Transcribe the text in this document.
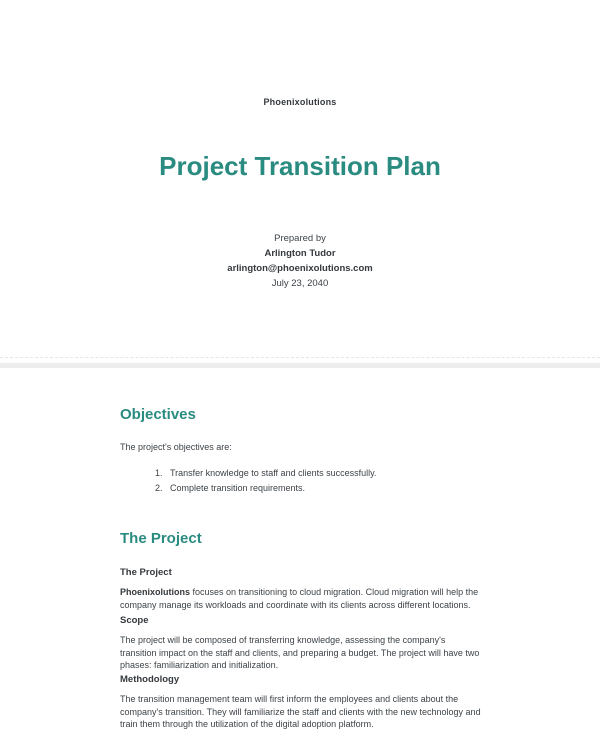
Phoenixolutions
Project Transition Plan
Prepared by
Arlington Tudor
arlington@phoenixolutions.com
July 23, 2040
Objectives

The project's objectives are:

1. Transfer knowledge to staff and clients successfully.
2. Complete transition requirements.
The Project
The Project

Phoenixolutions focuses on transitioning to cloud migration. Cloud migration will help the company manage its workloads and coordinate with its clients across different locations.

Scope

The project will be composed of transferring knowledge, assessing the company's transition impact on the staff and clients, and preparing a budget. The project will have two phases: familiarization and initialization.

Methodology

The transition management team will first inform the employees and clients about the company's transition. They will familiarize the staff and clients with the new technology and train them through the utilization of the digital adoption platform.
